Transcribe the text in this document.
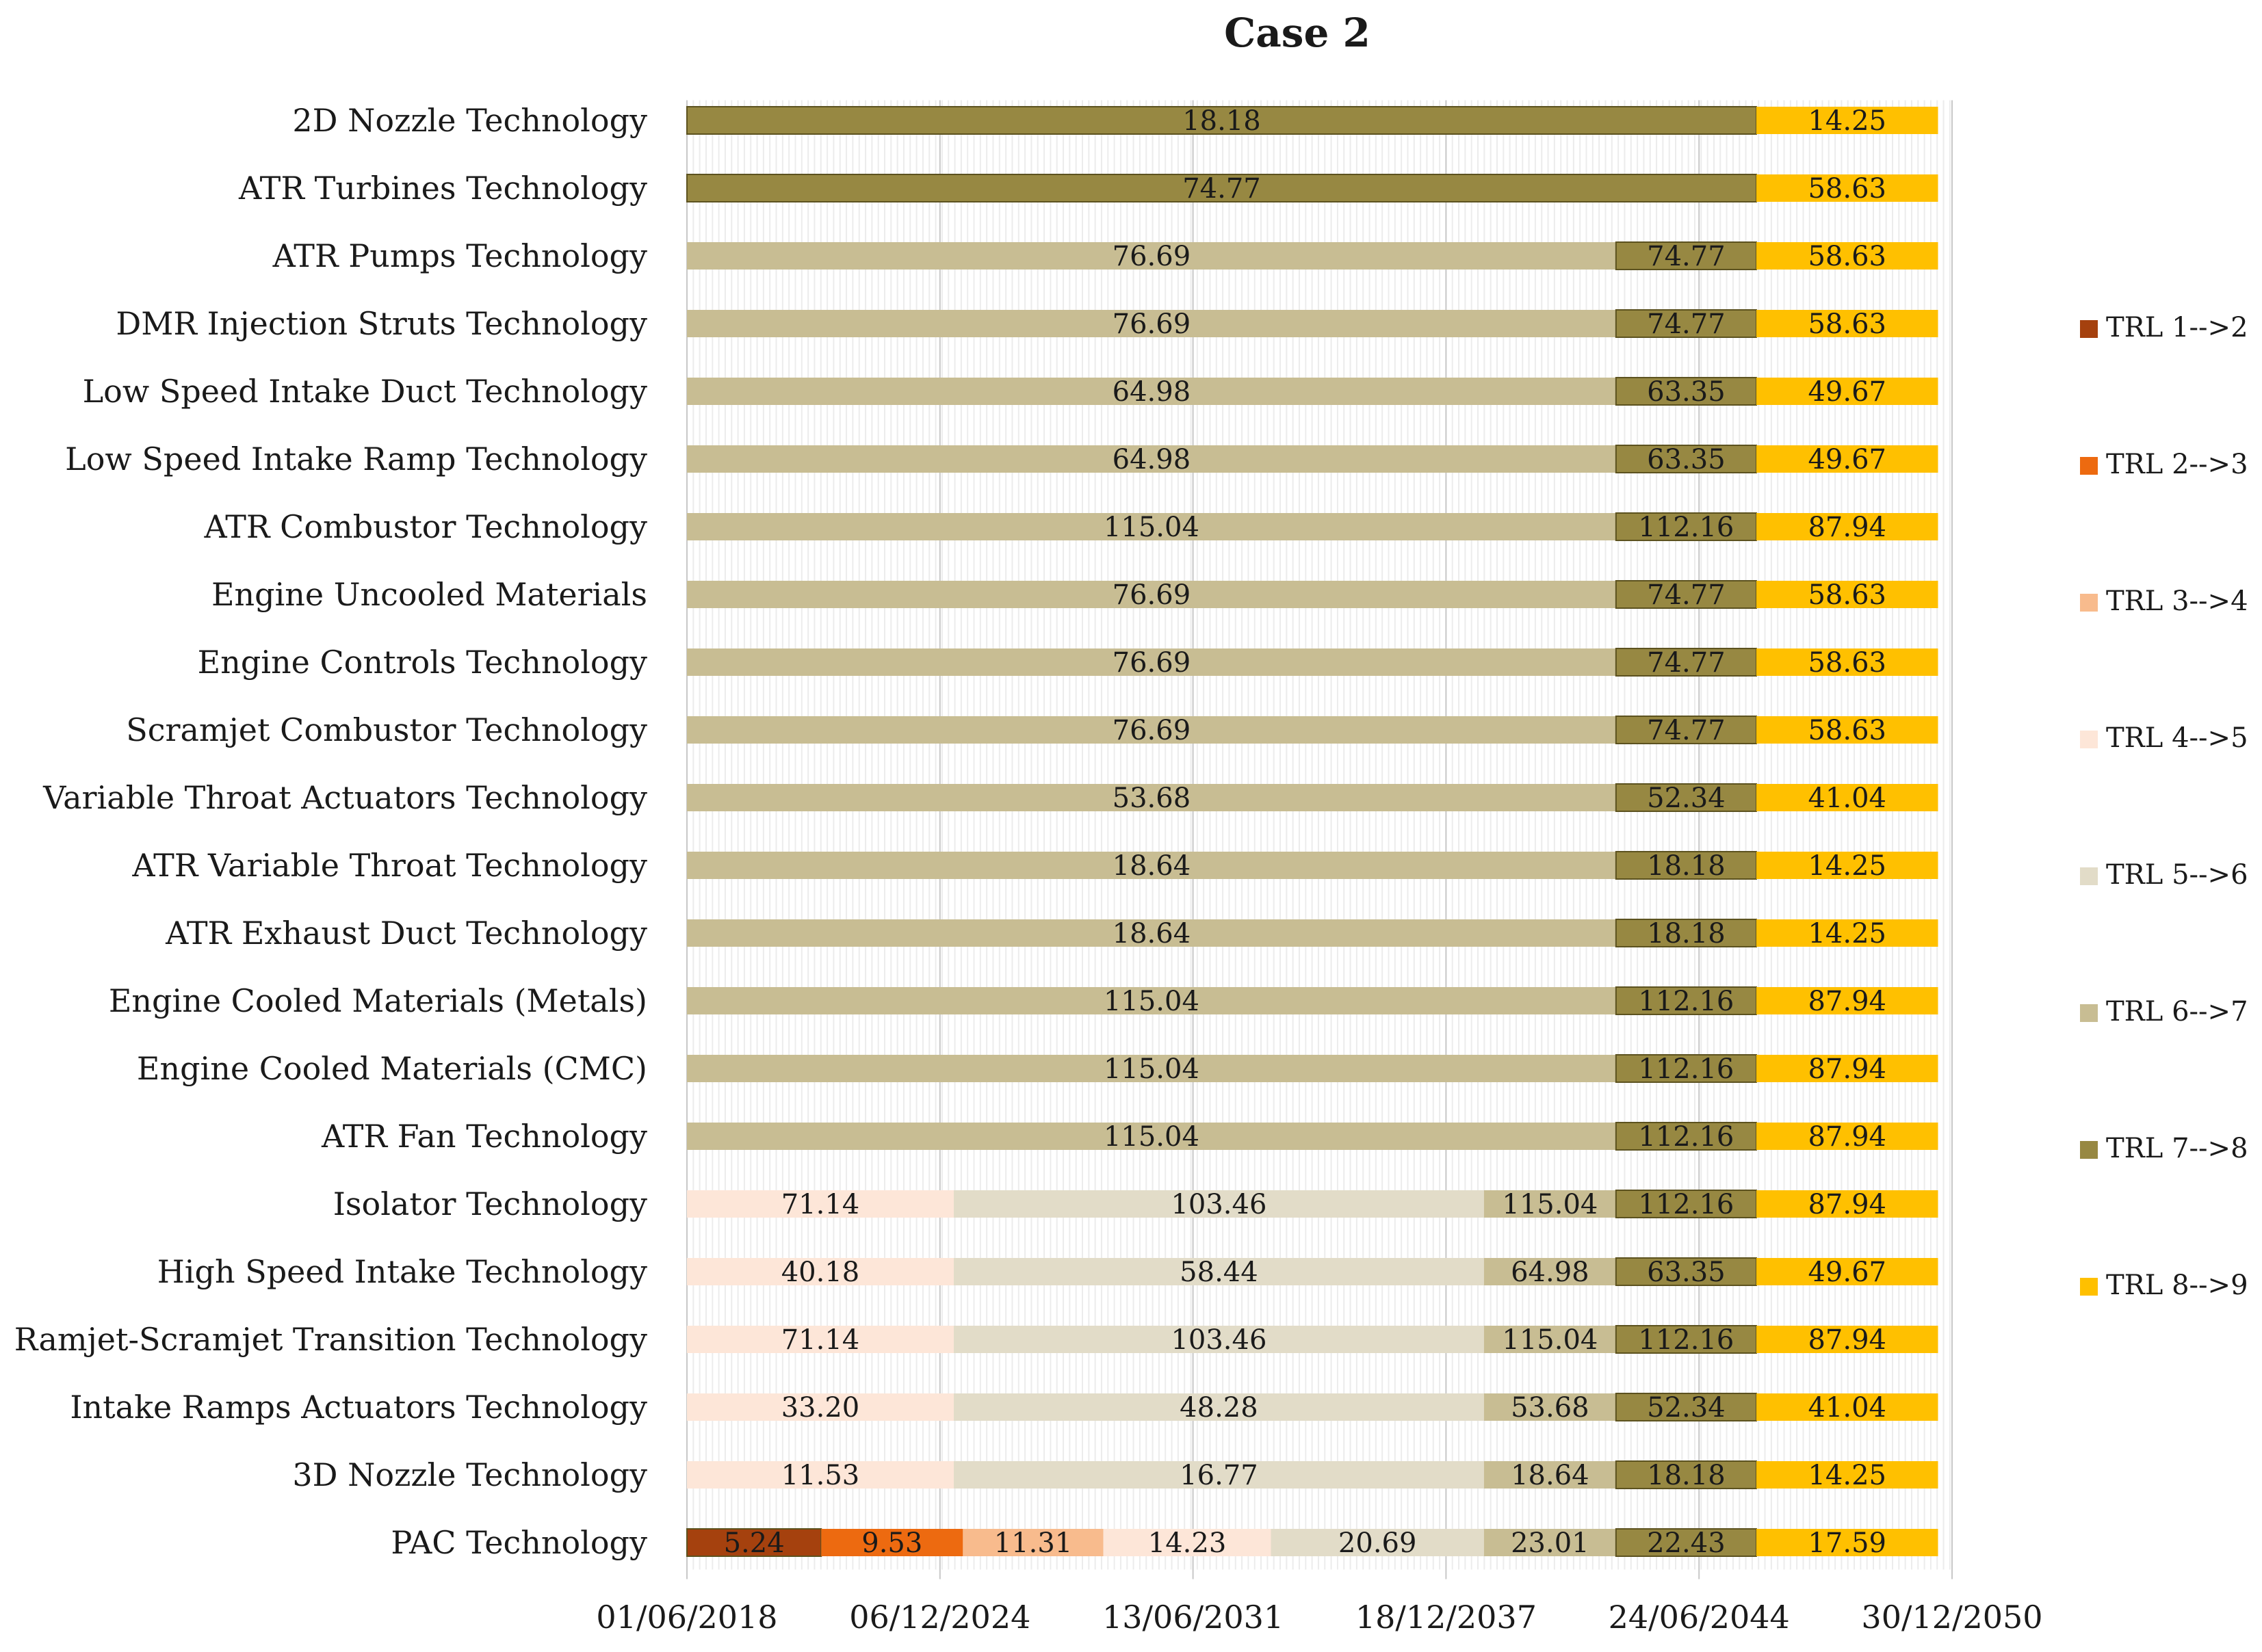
Case 2
18.18	14.25
74.77	58.63
76.69	74.77	58.63
76.69	74.77	58.63
64.98	63.35	49.67
64.98	63.35	49.67
115.04	112.16	87.94
76.69	74.77	58.63
76.69	74.77	58.63
76.69	74.77	58.63
53.68	52.34	41.04
18.64	18.18	14.25
18.64	18.18	14.25
115.04	112.16	87.94
115.04	112.16	87.94
115.04	112.16	87.94
71.14	103.46	115.04 112.16	87.94
40.18	58.44	64.98 63.35	49.67
71.14	103.46	115.04 112.16	87.94
33.20	48.28	53.68 52.34	41.04
11.53	16.77	18.64 18.18	14.25
5.24	9.53	11.31	14.23	20.69	23.01 22.43	17.59
2D Nozzle Technology
ATR Turbines Technology
ATR Pumps Technology
DMR Injection Struts Technology
Low Speed Intake Duct Technology
Low Speed Intake Ramp Technology
ATR Combustor Technology
Engine Uncooled Materials
Engine Controls Technology
Scramjet Combustor Technology
Variable Throat Actuators Technology
ATR Variable Throat Technology
ATR Exhaust Duct Technology
Engine Cooled Materials (Metals)
Engine Cooled Materials (CMC)
ATR Fan Technology
Isolator Technology
High Speed Intake Technology
Ramjet-Scramjet Transition Technology
Intake Ramps Actuators Technology
3D Nozzle Technology
PAC Technology
01/06/2018 06/12/2024 13/06/2031 18/12/2037 24/06/2044 30/12/2050
TRL 1-->2
TRL 2-->3
TRL 3-->4
TRL 4-->5
TRL 5-->6
TRL 6-->7
TRL 7-->8
TRL 8-->9
